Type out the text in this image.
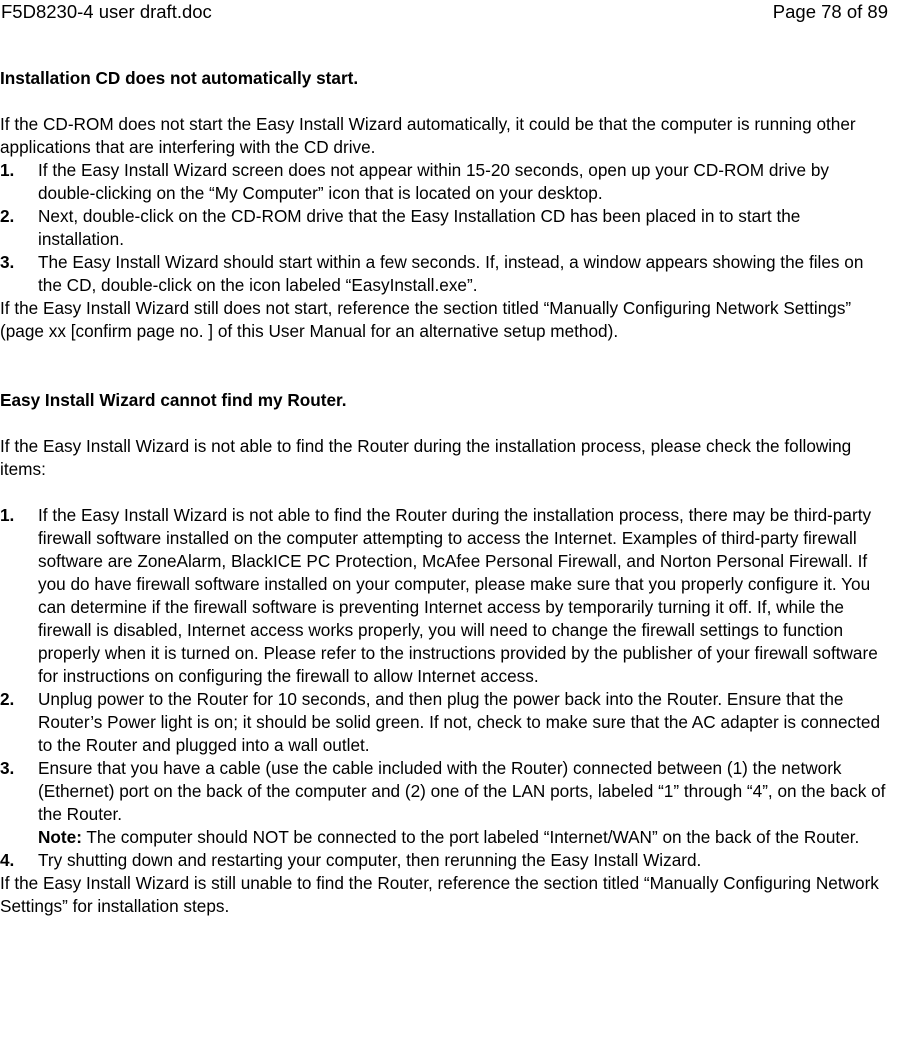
F5D8230-4 user draft.doc	Page 78 of 89

Installation CD does not automatically start.

If the CD-ROM does not start the Easy Install Wizard automatically, it could be that the computer is running other applications that are interfering with the CD drive.

1. If the Easy Install Wizard screen does not appear within 15-20 seconds, open up your CD-ROM drive by double-clicking on the “My Computer” icon that is located on your desktop.
2. Next, double-click on the CD-ROM drive that the Easy Installation CD has been placed in to start the installation.
3. The Easy Install Wizard should start within a few seconds. If, instead, a window appears showing the files on the CD, double-click on the icon labeled “EasyInstall.exe”.

If the Easy Install Wizard still does not start, reference the section titled “Manually Configuring Network Settings” (page xx [confirm page no. ] of this User Manual for an alternative setup method).

Easy Install Wizard cannot find my Router.

If the Easy Install Wizard is not able to find the Router during the installation process, please check the following items:

1. If the Easy Install Wizard is not able to find the Router during the installation process, there may be third-party firewall software installed on the computer attempting to access the Internet. Examples of third-party firewall software are ZoneAlarm, BlackICE PC Protection, McAfee Personal Firewall, and Norton Personal Firewall. If you do have firewall software installed on your computer, please make sure that you properly configure it. You can determine if the firewall software is preventing Internet access by temporarily turning it off. If, while the firewall is disabled, Internet access works properly, you will need to change the firewall settings to function properly when it is turned on. Please refer to the instructions provided by the publisher of your firewall software for instructions on configuring the firewall to allow Internet access.
2. Unplug power to the Router for 10 seconds, and then plug the power back into the Router. Ensure that the Router’s Power light is on; it should be solid green. If not, check to make sure that the AC adapter is connected to the Router and plugged into a wall outlet.
3. Ensure that you have a cable (use the cable included with the Router) connected between (1) the network (Ethernet) port on the back of the computer and (2) one of the LAN ports, labeled “1” through “4”, on the back of the Router.
Note: The computer should NOT be connected to the port labeled “Internet/WAN” on the back of the Router.
4. Try shutting down and restarting your computer, then rerunning the Easy Install Wizard.

If the Easy Install Wizard is still unable to find the Router, reference the section titled “Manually Configuring Network Settings” for installation steps.
